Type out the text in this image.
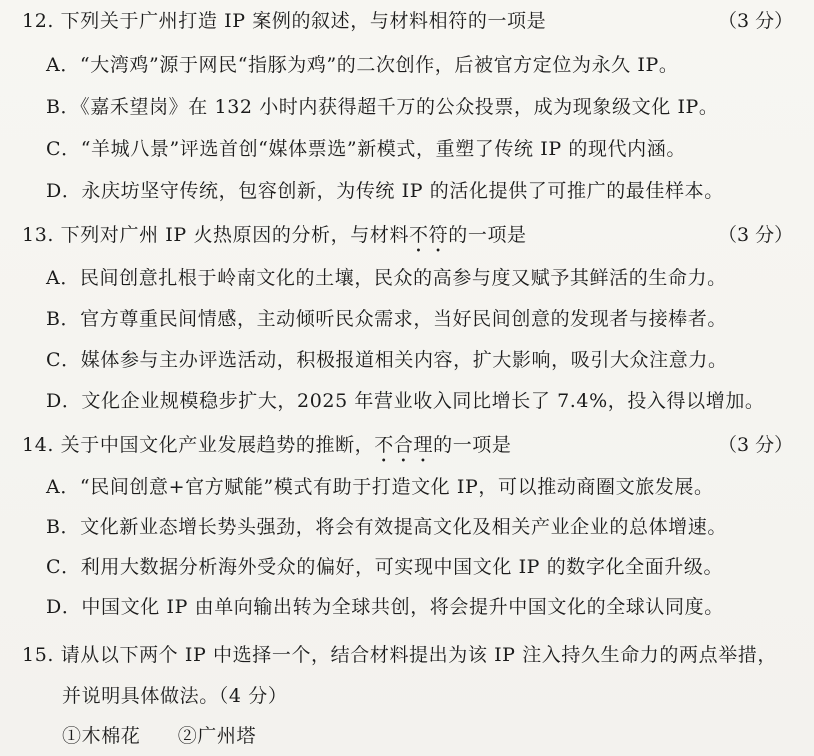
12. 下列关于广州打造 IP 案例的叙述，与材料相符的一项是	（3 分）
A．“大湾鸡”源于网民“指豚为鸡”的二次创作，后被官方定位为永久 IP。
B．《嘉禾望岗》在 132 小时内获得超千万的公众投票，成为现象级文化 IP。
C．“羊城八景”评选首创“媒体票选”新模式，重塑了传统 IP 的现代内涵。
D．永庆坊坚守传统，包容创新，为传统 IP 的活化提供了可推广的最佳样本。
13. 下列对广州 IP 火热原因的分析，与材料不符的一项是	（3 分）
A．民间创意扎根于岭南文化的土壤，民众的高参与度又赋予其鲜活的生命力。
B．官方尊重民间情感，主动倾听民众需求，当好民间创意的发现者与接棒者。
C．媒体参与主办评选活动，积极报道相关内容，扩大影响，吸引大众注意力。
D．文化企业规模稳步扩大，2025 年营业收入同比增长了 7.4%，投入得以增加。
14. 关于中国文化产业发展趋势的推断，不合理的一项是	（3 分）
A．“民间创意+官方赋能”模式有助于打造文化 IP，可以推动商圈文旅发展。
B．文化新业态增长势头强劲，将会有效提高文化及相关产业企业的总体增速。
C．利用大数据分析海外受众的偏好，可实现中国文化 IP 的数字化全面升级。
D．中国文化 IP 由单向输出转为全球共创，将会提升中国文化的全球认同度。
15. 请从以下两个 IP 中选择一个，结合材料提出为该 IP 注入持久生命力的两点举措，
并说明具体做法。（4 分）
①木棉花 ②广州塔
